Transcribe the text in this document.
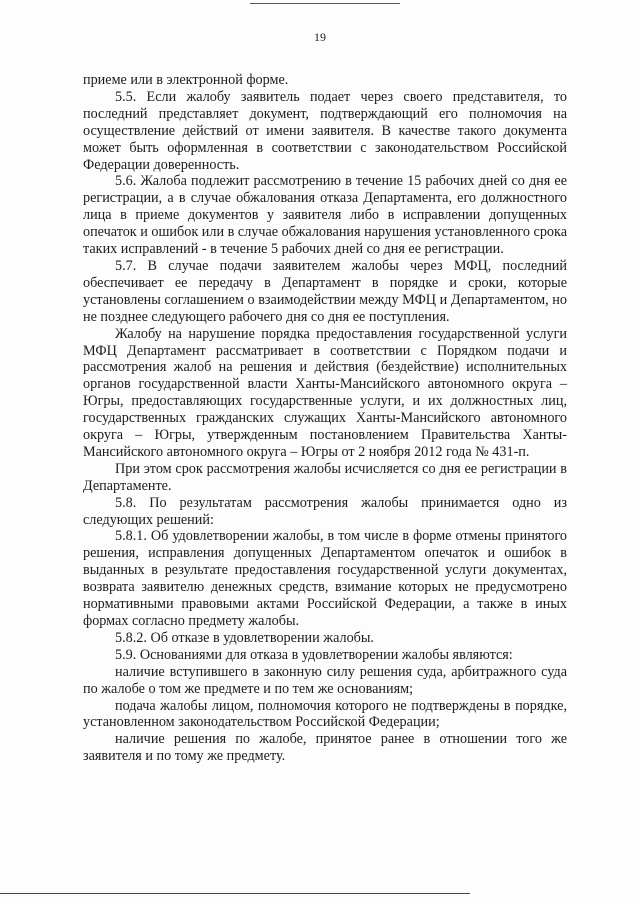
19

приеме или в электронной форме.

5.5. Если жалобу заявитель подает через своего представителя, то последний представляет документ, подтверждающий его полномочия на осуществление действий от имени заявителя. В качестве такого документа может быть оформленная в соответствии с законодательством Российской Федерации доверенность.

5.6. Жалоба подлежит рассмотрению в течение 15 рабочих дней со дня ее регистрации, а в случае обжалования отказа Департамента, его должностного лица в приеме документов у заявителя либо в исправлении допущенных опечаток и ошибок или в случае обжалования нарушения установленного срока таких исправлений - в течение 5 рабочих дней со дня ее регистрации.

5.7. В случае подачи заявителем жалобы через МФЦ, последний обеспечивает ее передачу в Департамент в порядке и сроки, которые установлены соглашением о взаимодействии между МФЦ и Департаментом, но не позднее следующего рабочего дня со дня ее поступления.

Жалобу на нарушение порядка предоставления государственной услуги МФЦ Департамент рассматривает в соответствии с Порядком подачи и рассмотрения жалоб на решения и действия (бездействие) исполнительных органов государственной власти Ханты-Мансийского автономного округа – Югры, предоставляющих государственные услуги, и их должностных лиц, государственных гражданских служащих Ханты-Мансийского автономного округа – Югры, утвержденным постановлением Правительства Ханты-Мансийского автономного округа – Югры от 2 ноября 2012 года № 431-п.

При этом срок рассмотрения жалобы исчисляется со дня ее регистрации в Департаменте.

5.8. По результатам рассмотрения жалобы принимается одно из следующих решений:

5.8.1. Об удовлетворении жалобы, в том числе в форме отмены принятого решения, исправления допущенных Департаментом опечаток и ошибок в выданных в результате предоставления государственной услуги документах, возврата заявителю денежных средств, взимание которых не предусмотрено нормативными правовыми актами Российской Федерации, а также в иных формах согласно предмету жалобы.

5.8.2. Об отказе в удовлетворении жалобы.

5.9. Основаниями для отказа в удовлетворении жалобы являются:

наличие вступившего в законную силу решения суда, арбитражного суда по жалобе о том же предмете и по тем же основаниям;

подача жалобы лицом, полномочия которого не подтверждены в порядке, установленном законодательством Российской Федерации;

наличие решения по жалобе, принятое ранее в отношении того же заявителя и по тому же предмету.
